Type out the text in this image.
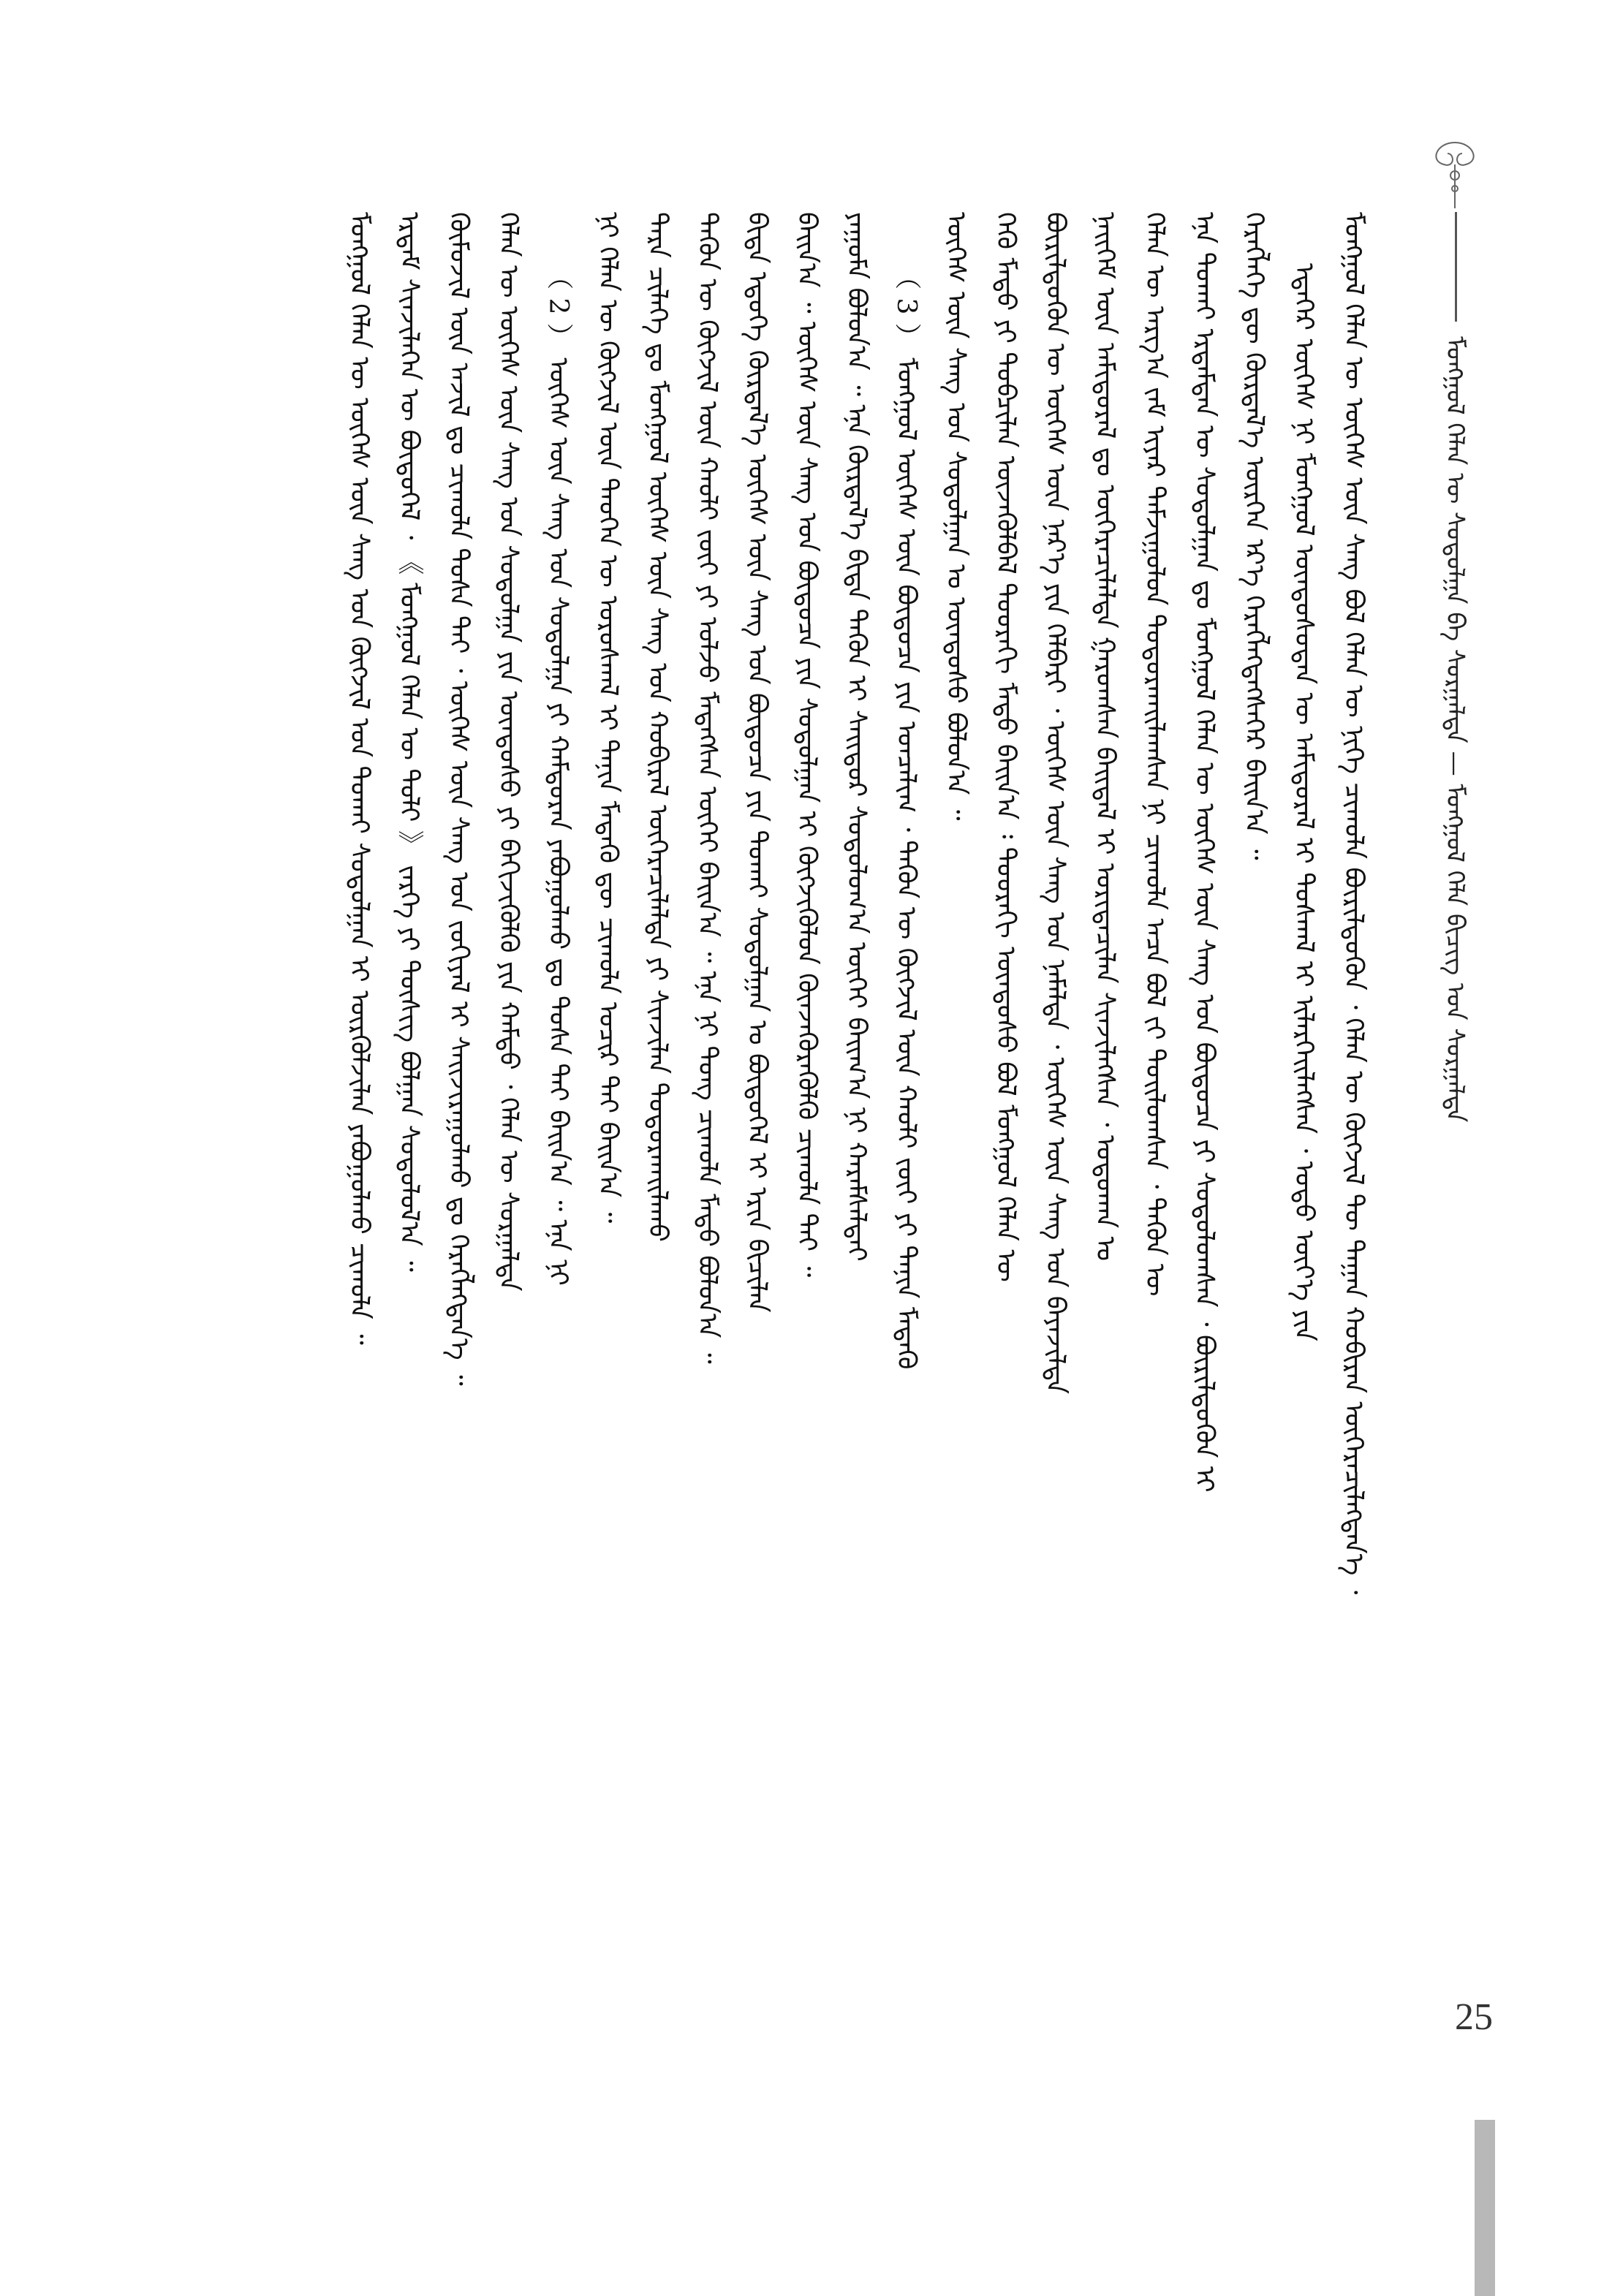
ᠮᠣᠩᠭᠣᠯ ᠬᠡᠯᠡᠨ ᠦ ᠰᠤᠳᠤᠯᠭᠠ ᠪᠠ ᠰᠤᠷᠭᠠᠯᠲᠠ — ᠮᠣᠩᠭᠣᠯ ᠬᠡᠯᠡ ᠪᠢᠴᠢᠭ ᠤᠨ ᠰᠤᠷᠭᠠᠯᠲᠠ
ᠮᠣᠩᠭᠣᠯ ᠬᠡᠯᠡᠨ ᠦ ᠦᠭᠡᠰ ᠦᠨ ᠰᠠᠩ ᠪᠣᠯ ᠬᠡᠯᠡᠨ ᠦ ᠨᠢᠭᠡ ᠴᠢᠬᠤᠯᠠ ᠪᠦᠷᠢᠯᠳᠦᠬᠦᠨ ᠂ ᠬᠡᠯᠡᠨ ᠦ ᠬᠥᠭᠵᠢᠯ ᠲᠦ ᠳᠠᠭᠠᠨ ᠬᠤᠪᠢᠷᠠᠨ ᠥᠭᠡᠷᠡᠴᠢᠯᠡᠭᠳᠡᠨ᠎ᠡ ᠂
ᠡᠳᠡᠭᠡᠷ ᠦᠭᠡᠰ ᠨᠢ ᠮᠣᠩᠭᠣᠯ ᠦᠨᠳᠦᠰᠦᠲᠡᠨ ᠦ ᠠᠮᠢᠳᠤᠷᠠᠯ ᠢ ᠲᠤᠰᠬᠠᠯ ᠢ ᠢᠯᠡᠷᠬᠡᠢᠯᠡᠭᠰᠡᠨ ᠂ ᠣᠳᠣ ᠦᠶ᠎ᠡ ᠶᠢᠨ
ᠬᠡᠷᠡᠭᠯᠡᠭᠡ ᠳᠦ ᠬᠦᠷᠲᠡᠯ᠎ᠡ ᠥᠷᠭᠡᠨ ᠡᠷ᠎ᠡ ᠬᠡᠷᠡᠭᠯᠡᠭᠳᠡᠭᠰᠡᠭᠡᠷ ᠪᠠᠢᠨ᠎ᠠ ᠃
ᠡᠨᠡ ᠲᠤᠬᠠᠢ ᠡᠷᠳᠡᠮᠲᠡᠨ ᠦ ᠰᠤᠳᠤᠯᠭᠠᠨ ᠳᠤ ᠮᠣᠩᠭᠣᠯ ᠬᠡᠯᠡᠨ ᠦ ᠦᠭᠡᠰ ᠦᠨ ᠰᠠᠩ ᠤᠨ ᠪᠦᠲᠦᠴᠡ ᠶᠢ ᠰᠤᠳᠤᠯᠤᠭᠰᠠᠨ ᠂ ᠪᠦᠷᠢᠯᠳᠦᠬᠦᠨ ᠢ
ᠬᠡᠯᠡᠨ ᠦ ᠠᠷᠭ᠎ᠠ ᠵᠠᠮ ᠢᠶᠠᠷ ᠳᠠᠮᠵᠢᠭᠤᠯᠤᠨ ᠲᠣᠳᠣᠷᠬᠠᠢᠯᠠᠭᠰᠠᠨ ᠨᠢ ᠴᠢᠬᠤᠯᠠ ᠠᠴᠠ ᠪᠣᠯ ᠶ᠋ᠢ ᠲᠤᠢᠯᠤᠭᠰᠠᠨ ᠂ ᠲᠡᠭᠦᠨ ᠦ
ᠨᠡᠢᠭᠡᠮ ᠦᠨ ᠠᠮᠢᠳᠤᠷᠠᠯ ᠳᠤ ᠥᠭᠡᠷᠡᠴᠢᠯᠡᠯᠲᠡ ᠭᠠᠷᠤᠭᠰᠠᠨ ᠪᠠᠢᠳᠠᠯ ᠢ ᠤᠷᠢᠳᠠᠴᠢᠯᠠᠨ ᠰᠢᠨᠵᠢᠯᠡᠭᠰᠡᠨ ᠂ ᠣᠳᠣᠬᠠᠨ ᠤ
ᠪᠦᠷᠢᠯᠳᠦᠬᠦᠨ ᠦ ᠦᠭᠡᠰ ᠦᠨ ᠨᠡᠷ᠎ᠡ ᠶᠢᠨ ᠬᠡᠯᠪᠡᠷᠢ ᠂ ᠦᠭᠡᠰ ᠦᠨ ᠰᠠᠩ ᠤᠨ ᠨᠡᠮᠡᠯᠲᠡ ᠂ ᠦᠭᠡᠰ ᠦᠨ ᠰᠠᠩ ᠤᠨ ᠪᠠᠶᠠᠵᠢᠯᠲᠠ
ᠭᠡᠬᠦ ᠮᠡᠳᠦ ᠶᠢ ᠲᠣᠪᠴᠢᠯᠠᠨ ᠦᠵᠡᠭᠦᠯᠪᠡᠯ ᠳᠣᠣᠷᠠᠬᠢ ᠮᠡᠳᠦ ᠪᠠᠢᠨ᠎ᠠ ᠄ ᠳᠣᠣᠷᠠᠬᠢ ᠦᠨᠳᠦᠰᠦ ᠪᠣᠯ ᠮᠣᠩᠭᠣᠯ ᠬᠡᠯᠡᠨ ᠦ
ᠦᠭᠡᠰ ᠦᠨ ᠰᠠᠩ ᠤᠨ ᠰᠤᠳᠤᠯᠭᠠᠨ ᠤ ᠦᠨᠳᠦᠰᠦ ᠪᠣᠯᠤᠨ᠎ᠠ ᠃
（ 3 ） ᠮᠣᠩᠭᠣᠯ ᠦᠭᠡᠰ ᠦᠨ ᠪᠦᠲᠦᠴᠡ ᠶᠢᠨ ᠣᠨᠴᠠᠯᠢᠭ ᠂ ᠲᠡᠭᠦᠨ ᠦ ᠬᠥᠭᠵᠢᠯ ᠦᠨ ᠬᠠᠤᠯᠢ ᠵᠦᠢ ᠶᠢ ᠲᠠᠨᠢᠨ ᠮᠡᠳᠡᠬᠦ
ᠶᠠᠭᠤᠮᠠ ᠪᠣᠯᠤᠨ᠎ᠠ ᠃ ᠡᠨᠡ ᠬᠦᠷᠲᠡᠯ᠎ᠡ ᠪᠢᠳᠡ ᠲᠡᠭᠦᠨ ᠢ ᠰᠠᠢᠲᠤᠷ ᠰᠤᠳᠤᠯᠤᠭ᠎ᠠ ᠦᠭᠡᠢ ᠪᠠᠢᠭ᠎ᠠ ᠨᠢ ᠬᠠᠷᠠᠮᠰᠠᠯᠲᠠᠢ
ᠪᠠᠢᠨ᠎ᠠ ᠃ ᠦᠭᠡᠰ ᠦᠨ ᠰᠠᠩ ᠤᠨ ᠪᠦᠲᠦᠴᠡ ᠶᠢᠨ ᠰᠤᠳᠤᠯᠭᠠᠨ ᠢ ᠬᠥᠭᠵᠢᠭᠦᠯᠦᠨ ᠭᠦᠨᠵᠡᠭᠦᠷᠡᠭᠦᠯᠬᠦ ᠴᠢᠬᠤᠯᠠ ᠲᠠᠢ ᠃
ᠪᠢᠳᠡ ᠡᠳᠦᠭᠡ ᠬᠦᠷᠲᠡᠯ᠎ᠡ ᠦᠭᠡᠰ ᠦᠨ ᠰᠠᠩ ᠤᠨ ᠪᠦᠲᠦᠴᠡ ᠶᠢᠨ ᠲᠤᠬᠠᠢ ᠰᠤᠳᠤᠯᠭᠠᠨ ᠤ ᠪᠦᠲᠦᠭᠡᠯ ᠢ ᠡᠷᠢᠨ ᠪᠢᠴᠢᠯᠡᠨ
ᠲᠡᠭᠦᠨ ᠦ ᠬᠥᠭᠵᠢᠯ ᠦᠨ ᠬᠠᠤᠯᠢ ᠵᠦᠢ ᠶᠢ ᠣᠯᠵᠤ ᠮᠡᠳᠡᠭᠰᠡᠨ ᠦᠭᠡᠢ ᠪᠠᠢᠨ᠎ᠠ ᠃ ᠡᠨᠡ ᠨᠢ ᠲᠤᠩ ᠴᠢᠬᠤᠯᠠ ᠮᠡᠳᠦ ᠪᠣᠯᠤᠨ᠎ᠠ ᠃
ᠲᠡᠷᠡ ᠴᠢᠯᠡᠭᠡ ᠳᠤ ᠮᠣᠩᠭᠣᠯ ᠦᠭᠡᠰ ᠦᠨ ᠰᠠᠩ ᠤᠨ ᠬᠤᠪᠢᠷᠠᠯ ᠥᠭᠡᠷᠡᠴᠢᠯᠡᠯᠲᠡ ᠶᠢ ᠰᠢᠨᠵᠢᠯᠡᠨ ᠲᠣᠳᠣᠷᠬᠠᠢᠯᠠᠬᠤ
ᠨᠢ ᠬᠡᠯᠡᠨ ᠦ ᠬᠥᠭᠵᠢᠯ ᠦᠨ ᠲᠡᠦᠬᠡᠨ ᠦ ᠤᠷᠤᠰᠬᠠᠯ ᠢ ᠲᠠᠨᠢᠨ ᠮᠡᠳᠡᠬᠦ ᠳᠦ ᠴᠢᠬᠤᠯᠠ ᠤᠴᠢᠷ ᠲᠠᠢ ᠪᠠᠢᠨ᠎ᠠ ᠃
（ 2 ） ᠦᠭᠡᠰ ᠦᠨ ᠰᠠᠩ ᠤᠨ ᠰᠤᠳᠤᠯᠭᠠ ᠶᠢ ᠬᠠᠮᠲᠤᠷᠠᠨ ᠶᠠᠪᠤᠭᠤᠯᠬᠤ ᠳᠤ ᠲᠤᠰᠠ ᠲᠠᠢ ᠪᠠᠢᠨ᠎ᠠ ᠃ ᠡᠨᠡ ᠨᠢ
ᠬᠡᠯᠡᠨ ᠦ ᠦᠭᠡᠰ ᠦᠨ ᠰᠠᠩ ᠤᠨ ᠰᠤᠳᠤᠯᠭᠠ ᠶᠢᠨ ᠦᠨᠳᠦᠰᠦ ᠶᠢ ᠪᠡᠬᠢᠵᠢᠭᠦᠯᠬᠦ ᠶᠢᠨ ᠬᠠᠮᠲᠤ ᠂ ᠬᠡᠯᠡᠨ ᠦ ᠰᠤᠷᠭᠠᠯᠲᠠ
ᠬᠦᠮᠦᠵᠢᠯ ᠦᠨ ᠠᠵᠢᠯ ᠳᠤ ᠴᠢᠬᠤᠯᠠ ᠲᠤᠰᠠ ᠲᠠᠢ ᠂ ᠦᠭᠡᠰ ᠦᠨ ᠰᠠᠩ ᠤᠨ ᠵᠣᠬᠢᠶᠠᠯ ᠢ ᠰᠠᠢᠵᠢᠷᠠᠭᠤᠯᠬᠤ ᠳᠤ ᠬᠡᠷᠡᠭᠯᠡᠭᠳᠡᠨ᠎ᠡ ᠃
ᠡᠷᠳᠡᠮ ᠰᠢᠨᠵᠢᠯᠡᠭᠡᠨ ᠦ ᠪᠦᠲᠦᠭᠡᠯ ᠂ 《 ᠮᠣᠩᠭᠣᠯ ᠬᠡᠯᠡᠨ ᠦ ᠲᠣᠯᠢ 》 ᠵᠡᠷᠭᠡ ᠶᠢ ᠲᠦᠰᠢᠭ ᠪᠣᠯᠭᠠᠨ ᠰᠤᠳᠤᠯᠤᠯ᠎ᠠ ᠃
ᠮᠣᠩᠭᠣᠯ ᠬᠡᠯᠡᠨ ᠦ ᠦᠭᠡᠰ ᠦᠨ ᠰᠠᠩ ᠤᠨ ᠬᠥᠭᠵᠢᠯ ᠤᠨ ᠲᠤᠬᠠᠢ ᠰᠤᠳᠤᠯᠭᠠᠨ ᠢ ᠦᠷᠭᠦᠯᠵᠢᠯᠡᠨ ᠶᠠᠪᠤᠭᠤᠯᠬᠤ ᠴᠢᠬᠤᠯᠠ ᠃
25
